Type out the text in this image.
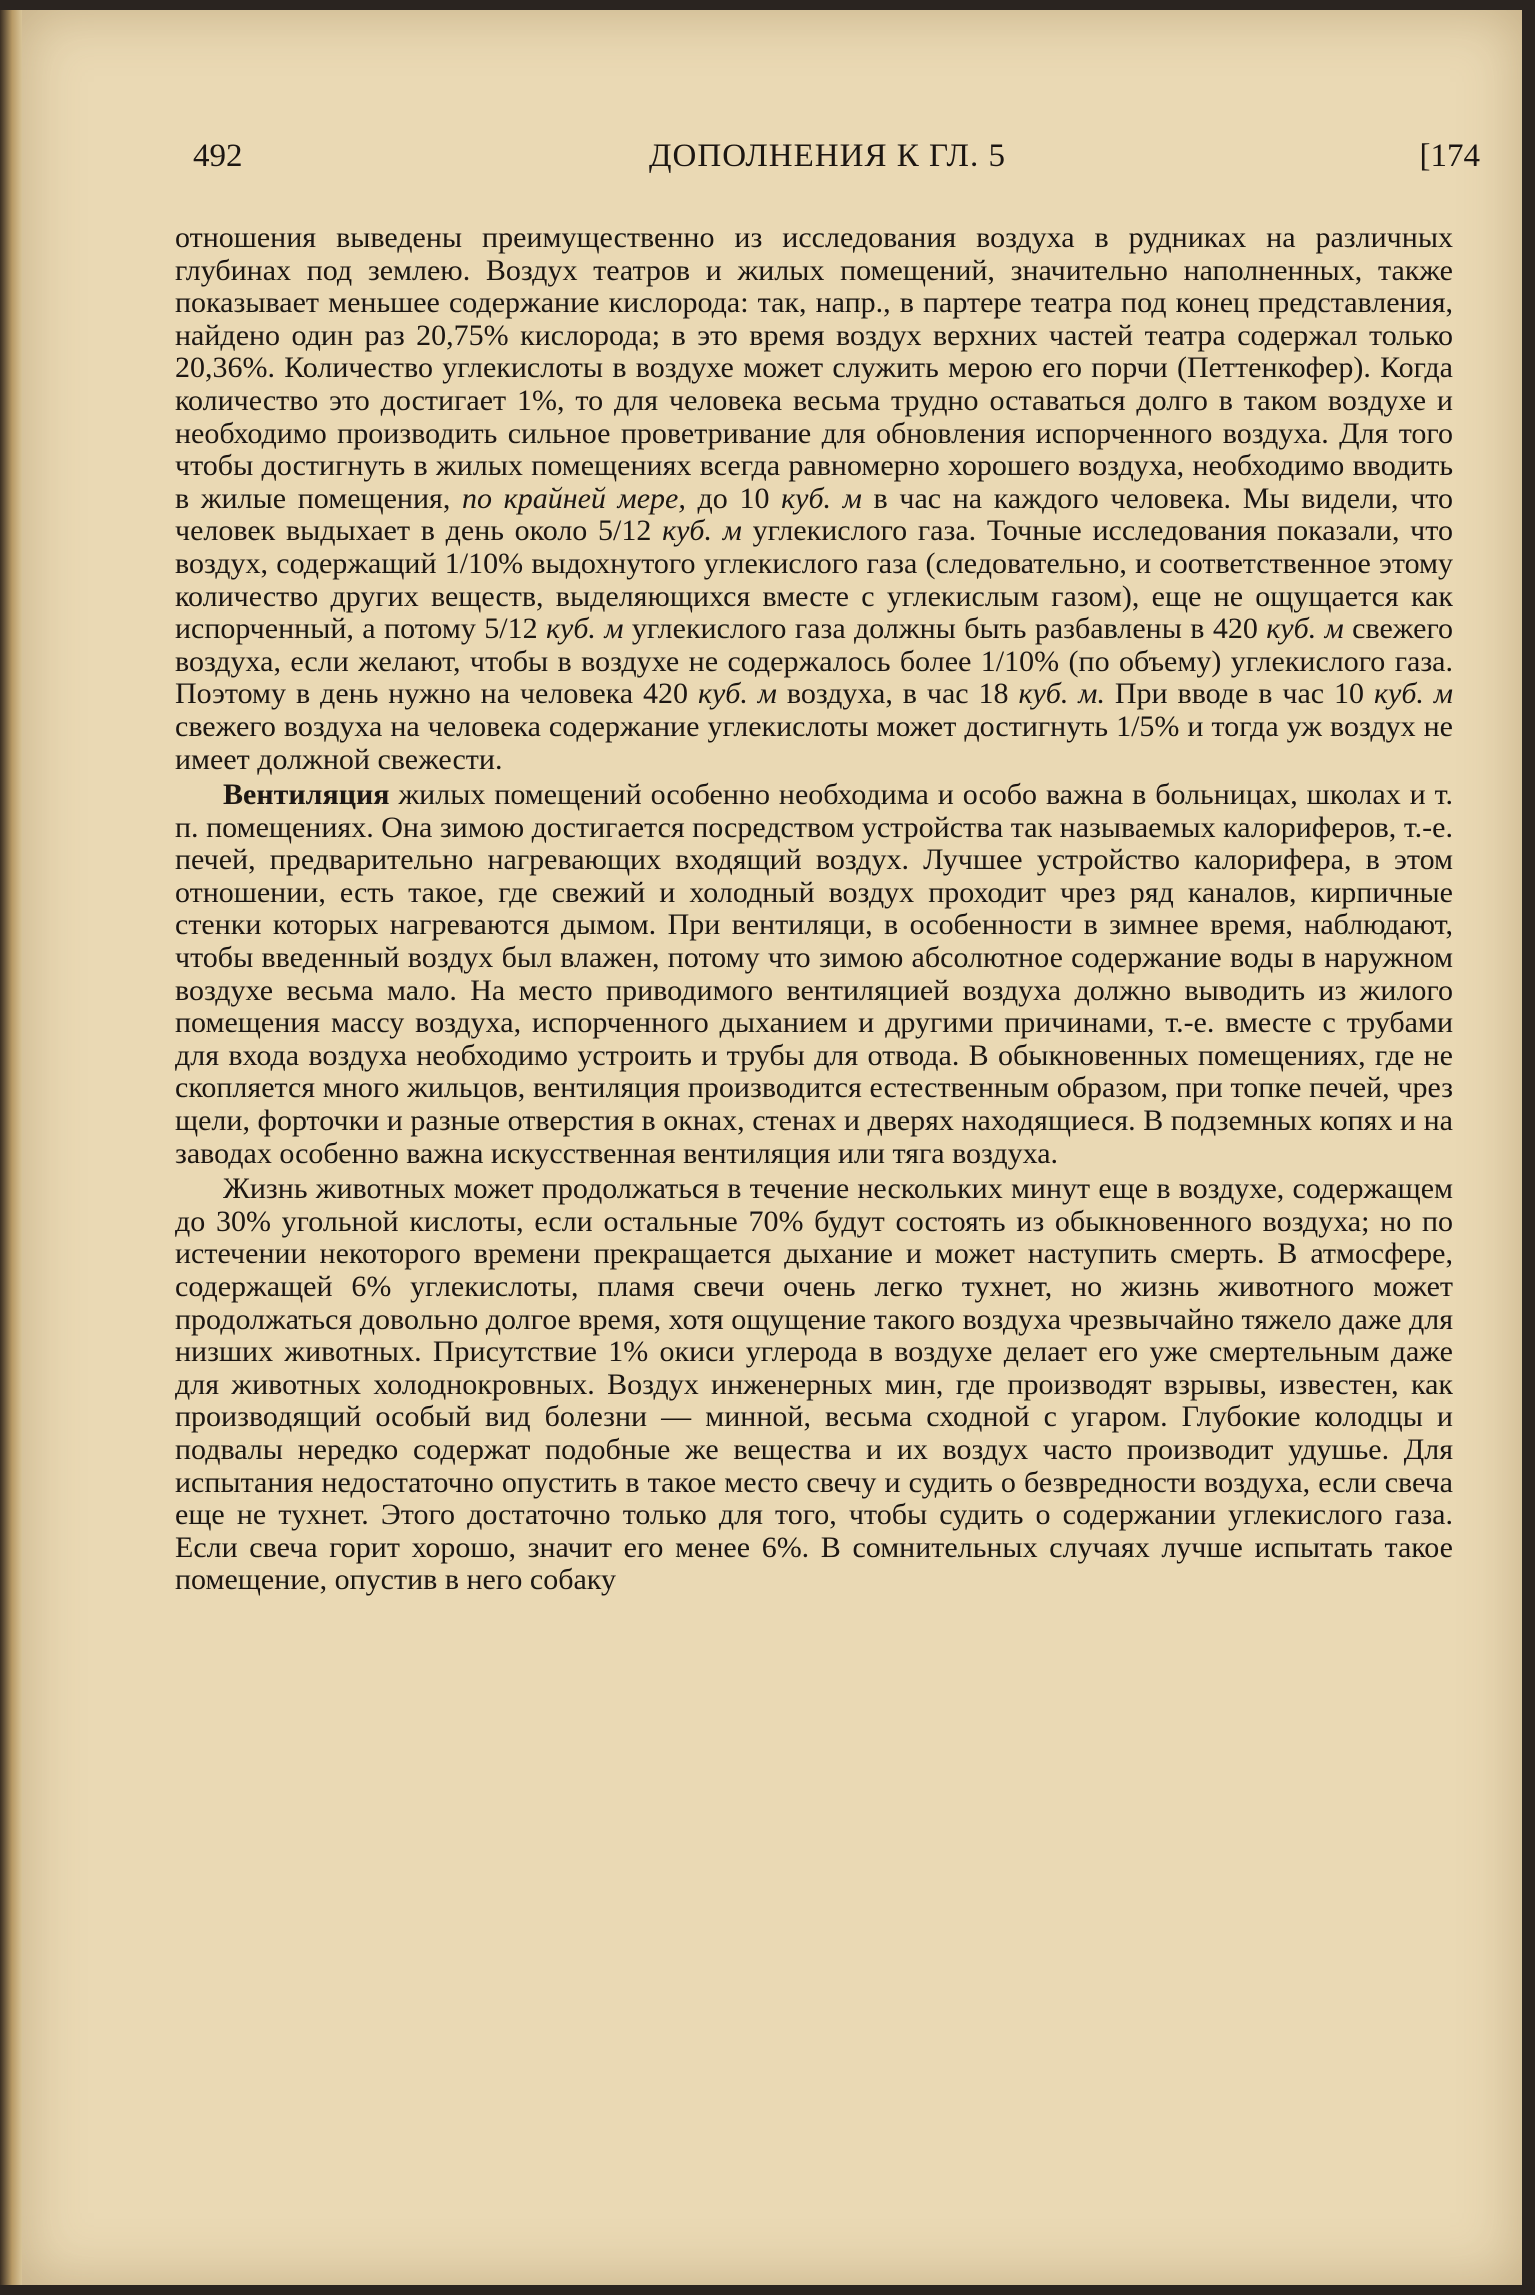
492	ДОПОЛНЕНИЯ К ГЛ. 5	[174

отношения выведены преимущественно из исследования воздуха в рудниках на различных глубинах под землею. Воздух театров и жилых помещений, значительно наполненных, также показывает меньшее содержание кислорода: так, напр., в партере театра под конец представления, найдено один раз 20,75% кислорода; в это время воздух верхних частей театра содержал только 20,36%. Количество углекислоты в воздухе может служить мерою его порчи (Петтенкофер). Когда количество это достигает 1%, то для человека весьма трудно оставаться долго в таком воздухе и необходимо производить сильное проветривание для обновления испорченного воздуха. Для того чтобы достигнуть в жилых помещениях всегда равномерно хорошего воздуха, необходимо вводить в жилые помещения, по крайней мере, до 10 куб. м в час на каждого человека. Мы видели, что человек выдыхает в день около 5/12 куб. м углекислого газа. Точные исследования показали, что воздух, содержащий 1/10% выдохнутого углекислого газа (следовательно, и соответственное этому количество других веществ, выделяющихся вместе с углекислым газом), еще не ощущается как испорченный, а потому 5/12 куб. м углекислого газа должны быть разбавлены в 420 куб. м свежего воздуха, если желают, чтобы в воздухе не содержалось более 1/10% (по объему) углекислого газа. Поэтому в день нужно на человека 420 куб. м воздуха, в час 18 куб. м. При вводе в час 10 куб. м свежего воздуха на человека содержание углекислоты может достигнуть 1/5% и тогда уж воздух не имеет должной свежести.

Вентиляция жилых помещений особенно необходима и особо важна в больницах, школах и т. п. помещениях. Она зимою достигается посредством устройства так называемых калориферов, т.-е. печей, предварительно нагревающих входящий воздух. Лучшее устройство калорифера, в этом отношении, есть такое, где свежий и холодный воздух проходит чрез ряд каналов, кирпичные стенки которых нагреваются дымом. При вентиляци, в особенности в зимнее время, наблюдают, чтобы введенный воздух был влажен, потому что зимою абсолютное содержание воды в наружном воздухе весьма мало. На место приводимого вентиляцией воздуха должно выводить из жилого помещения массу воздуха, испорченного дыханием и другими причинами, т.-е. вместе с трубами для входа воздуха необходимо устроить и трубы для отвода. В обыкновенных помещениях, где не скопляется много жильцов, вентиляция производится естественным образом, при топке печей, чрез щели, форточки и разные отверстия в окнах, стенах и дверях находящиеся. В подземных копях и на заводах особенно важна искусственная вентиляция или тяга воздуха.

Жизнь животных может продолжаться в течение нескольких минут еще в воздухе, содержащем до 30% угольной кислоты, если остальные 70% будут состоять из обыкновенного воздуха; но по истечении некоторого времени прекращается дыхание и может наступить смерть. В атмосфере, содержащей 6% углекислоты, пламя свечи очень легко тухнет, но жизнь животного может продолжаться довольно долгое время, хотя ощущение такого воздуха чрезвычайно тяжело даже для низших животных. Присутствие 1% окиси углерода в воздухе делает его уже смертельным даже для животных холоднокровных. Воздух инженерных мин, где производят взрывы, известен, как производящий особый вид болезни — минной, весьма сходной с угаром. Глубокие колодцы и подвалы нередко содержат подобные же вещества и их воздух часто производит удушье. Для испытания недостаточно опустить в такое место свечу и судить о безвредности воздуха, если свеча еще не тухнет. Этого достаточно только для того, чтобы судить о содержании углекислого газа. Если свеча горит хорошо, значит его менее 6%. В сомнительных случаях лучше испытать такое помещение, опустив в него собаку
